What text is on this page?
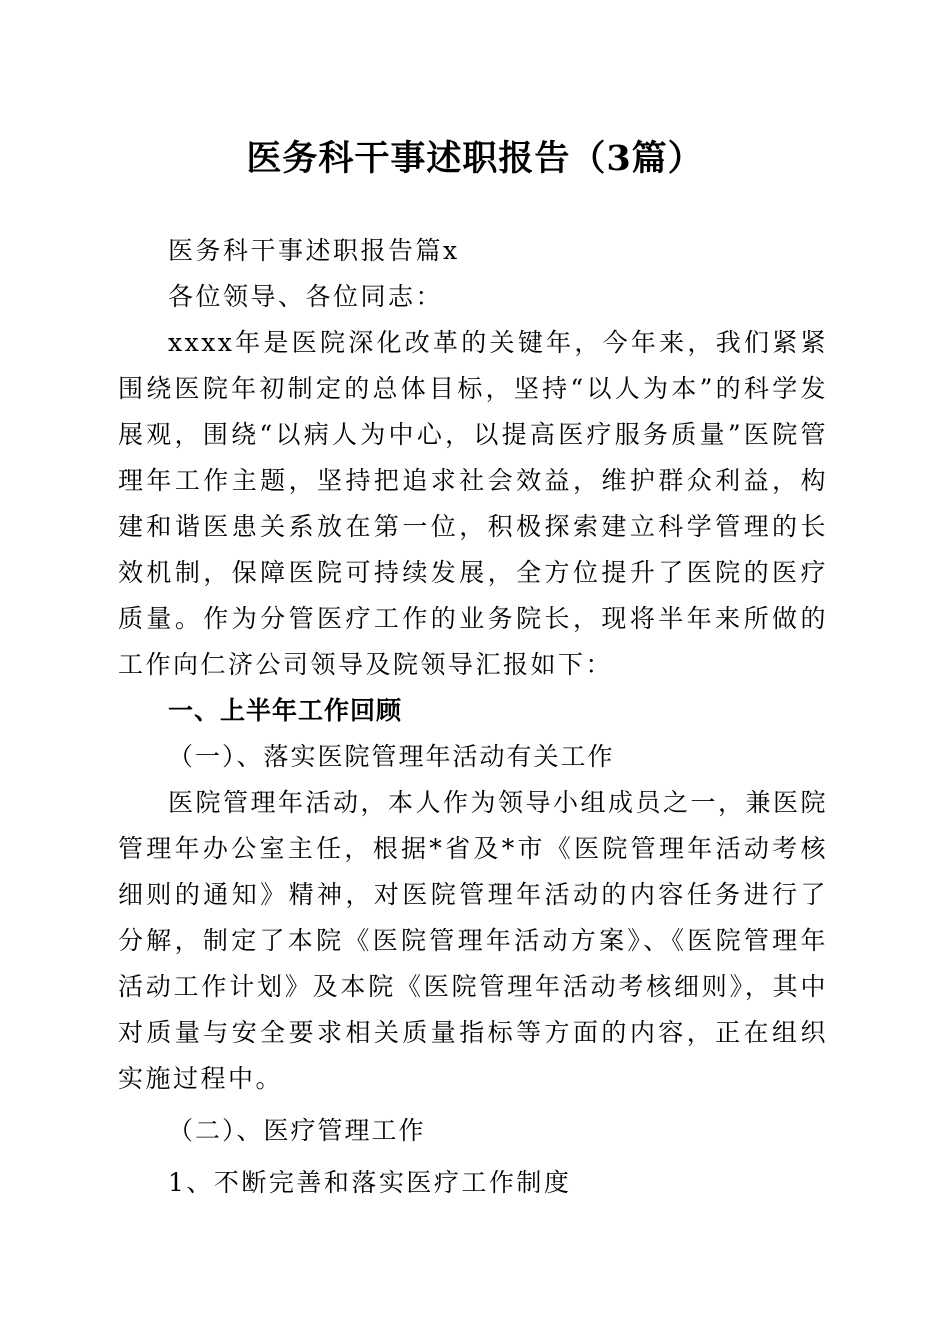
医务科干事述职报告（3篇）

医务科干事述职报告篇x

各位领导、各位同志：

xxxx年是医院深化改革的关键年，今年来，我们紧紧围绕医院年初制定的总体目标，坚持“以人为本”的科学发展观，围绕“以病人为中心，以提高医疗服务质量”医院管理年工作主题，坚持把追求社会效益，维护群众利益，构建和谐医患关系放在第一位，积极探索建立科学管理的长效机制，保障医院可持续发展，全方位提升了医院的医疗质量。作为分管医疗工作的业务院长，现将半年来所做的工作向仁济公司领导及院领导汇报如下：

一、上半年工作回顾

（一）、落实医院管理年活动有关工作

医院管理年活动，本人作为领导小组成员之一，兼医院管理年办公室主任，根据*省及*市《医院管理年活动考核细则的通知》精神，对医院管理年活动的内容任务进行了分解，制定了本院《医院管理年活动方案》、《医院管理年活动工作计划》及本院《医院管理年活动考核细则》，其中对质量与安全要求相关质量指标等方面的内容，正在组织实施过程中。

（二）、医疗管理工作

1、不断完善和落实医疗工作制度
